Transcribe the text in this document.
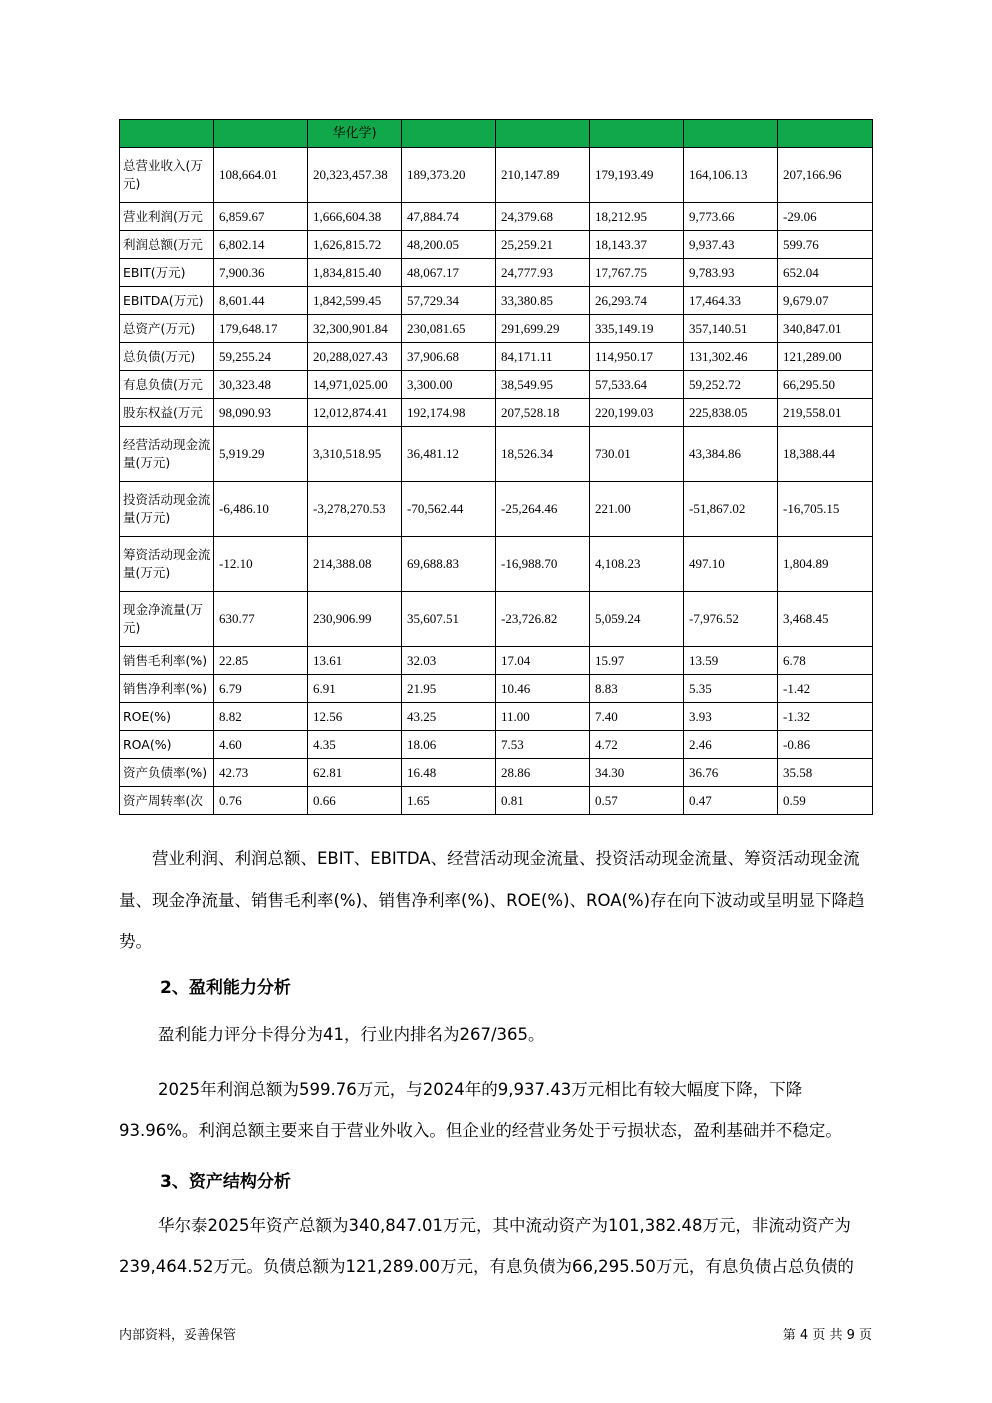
		华化学)					
总营业收入(万元)	108,664.01	20,323,457.38	189,373.20	210,147.89	179,193.49	164,106.13	207,166.96
营业利润(万元	6,859.67	1,666,604.38	47,884.74	24,379.68	18,212.95	9,773.66	-29.06
利润总额(万元	6,802.14	1,626,815.72	48,200.05	25,259.21	18,143.37	9,937.43	599.76
EBIT(万元)	7,900.36	1,834,815.40	48,067.17	24,777.93	17,767.75	9,783.93	652.04
EBITDA(万元)	8,601.44	1,842,599.45	57,729.34	33,380.85	26,293.74	17,464.33	9,679.07
总资产(万元)	179,648.17	32,300,901.84	230,081.65	291,699.29	335,149.19	357,140.51	340,847.01
总负债(万元)	59,255.24	20,288,027.43	37,906.68	84,171.11	114,950.17	131,302.46	121,289.00
有息负债(万元	30,323.48	14,971,025.00	3,300.00	38,549.95	57,533.64	59,252.72	66,295.50
股东权益(万元	98,090.93	12,012,874.41	192,174.98	207,528.18	220,199.03	225,838.05	219,558.01
经营活动现金流量(万元)	5,919.29	3,310,518.95	36,481.12	18,526.34	730.01	43,384.86	18,388.44
投资活动现金流量(万元)	-6,486.10	-3,278,270.53	-70,562.44	-25,264.46	221.00	-51,867.02	-16,705.15
筹资活动现金流量(万元)	-12.10	214,388.08	69,688.83	-16,988.70	4,108.23	497.10	1,804.89
现金净流量(万元)	630.77	230,906.99	35,607.51	-23,726.82	5,059.24	-7,976.52	3,468.45
销售毛利率(%)	22.85	13.61	32.03	17.04	15.97	13.59	6.78
销售净利率(%)	6.79	6.91	21.95	10.46	8.83	5.35	-1.42
ROE(%)	8.82	12.56	43.25	11.00	7.40	3.93	-1.32
ROA(%)	4.60	4.35	18.06	7.53	4.72	2.46	-0.86
资产负债率(%)	42.73	62.81	16.48	28.86	34.30	36.76	35.58
资产周转率(次	0.76	0.66	1.65	0.81	0.57	0.47	0.59
营业利润、利润总额、EBIT、EBITDA、经营活动现金流量、投资活动现金流量、筹资活动现金流量、现金净流量、销售毛利率(%)、销售净利率(%)、ROE(%)、ROA(%)存在向下波动或呈明显下降趋势。
2、盈利能力分析
盈利能力评分卡得分为41，行业内排名为267/365。
2025年利润总额为599.76万元，与2024年的9,937.43万元相比有较大幅度下降，下降93.96%。利润总额主要来自于营业外收入。但企业的经营业务处于亏损状态，盈利基础并不稳定。
3、资产结构分析
华尔泰2025年资产总额为340,847.01万元，其中流动资产为101,382.48万元，非流动资产为239,464.52万元。负债总额为121,289.00万元，有息负债为66,295.50万元，有息负债占总负债的
内部资料，妥善保管	第 4 页 共 9 页
